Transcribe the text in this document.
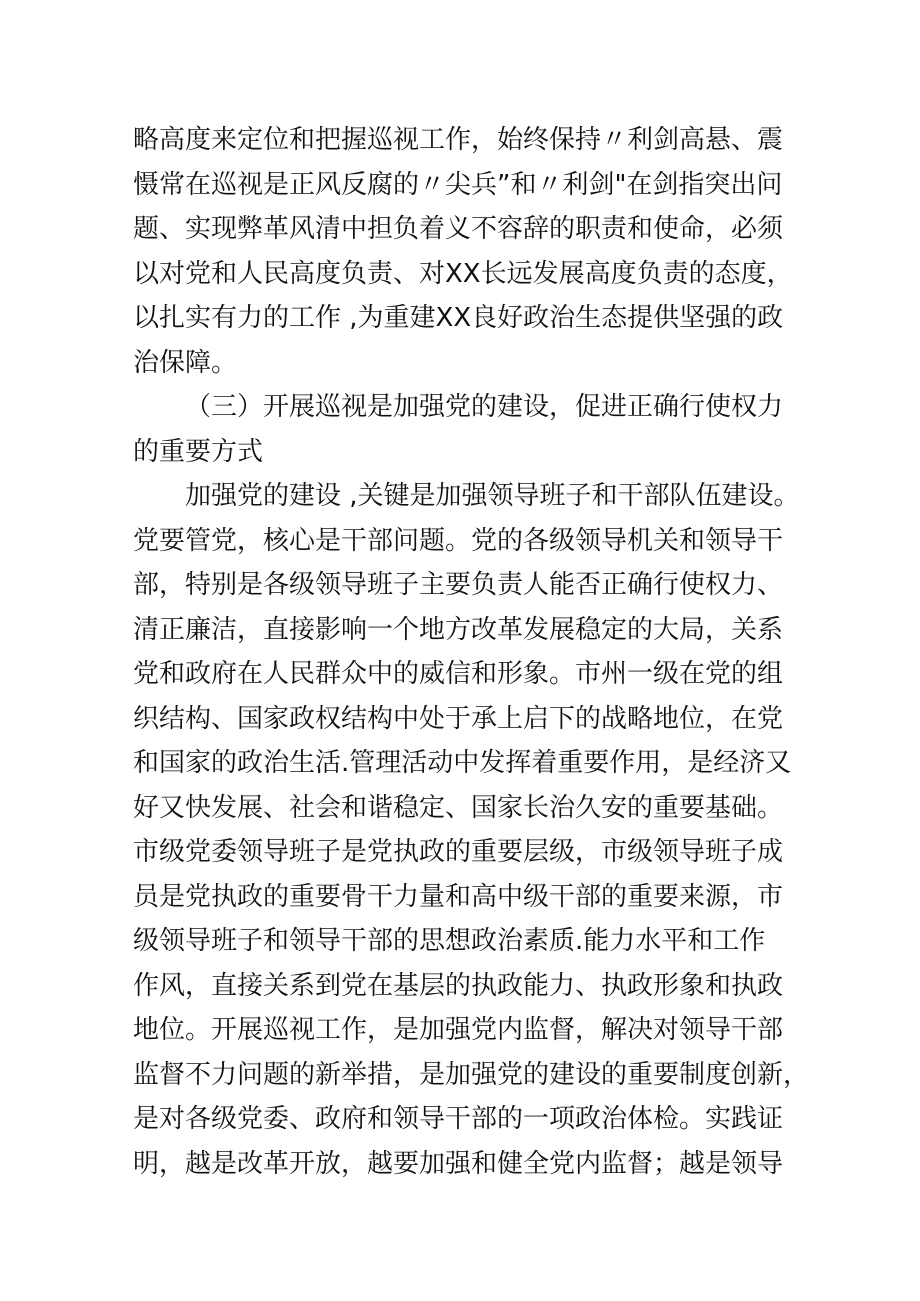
略高度来定位和把握巡视工作，始终保持〃利剑高悬、震
慑常在巡视是正风反腐的〃尖兵”和〃利剑"在剑指突出问
题、实现弊革风清中担负着义不容辞的职责和使命，必须
以对党和人民高度负责、对XX长远发展高度负责的态度，
以扎实有力的工作 ,为重建XX良好政治生态提供坚强的政
治保障。
（三）开展巡视是加强党的建设，促进正确行使权力
的重要方式
加强党的建设 ,关键是加强领导班子和干部队伍建设。
党要管党，核心是干部问题。党的各级领导机关和领导干
部，特别是各级领导班子主要负责人能否正确行使权力、
清正廉洁，直接影响一个地方改革发展稳定的大局，关系
党和政府在人民群众中的威信和形象。市州一级在党的组
织结构、国家政权结构中处于承上启下的战略地位，在党
和国家的政治生活.管理活动中发挥着重要作用，是经济又
好又快发展、社会和谐稳定、国家长治久安的重要基础。
市级党委领导班子是党执政的重要层级，市级领导班子成
员是党执政的重要骨干力量和高中级干部的重要来源，市
级领导班子和领导干部的思想政治素质.能力水平和工作
作风，直接关系到党在基层的执政能力、执政形象和执政
地位。开展巡视工作，是加强党内监督，解决对领导干部
监督不力问题的新举措，是加强党的建设的重要制度创新，
是对各级党委、政府和领导干部的一项政治体检。实践证
明，越是改革开放，越要加强和健全党内监督；越是领导
